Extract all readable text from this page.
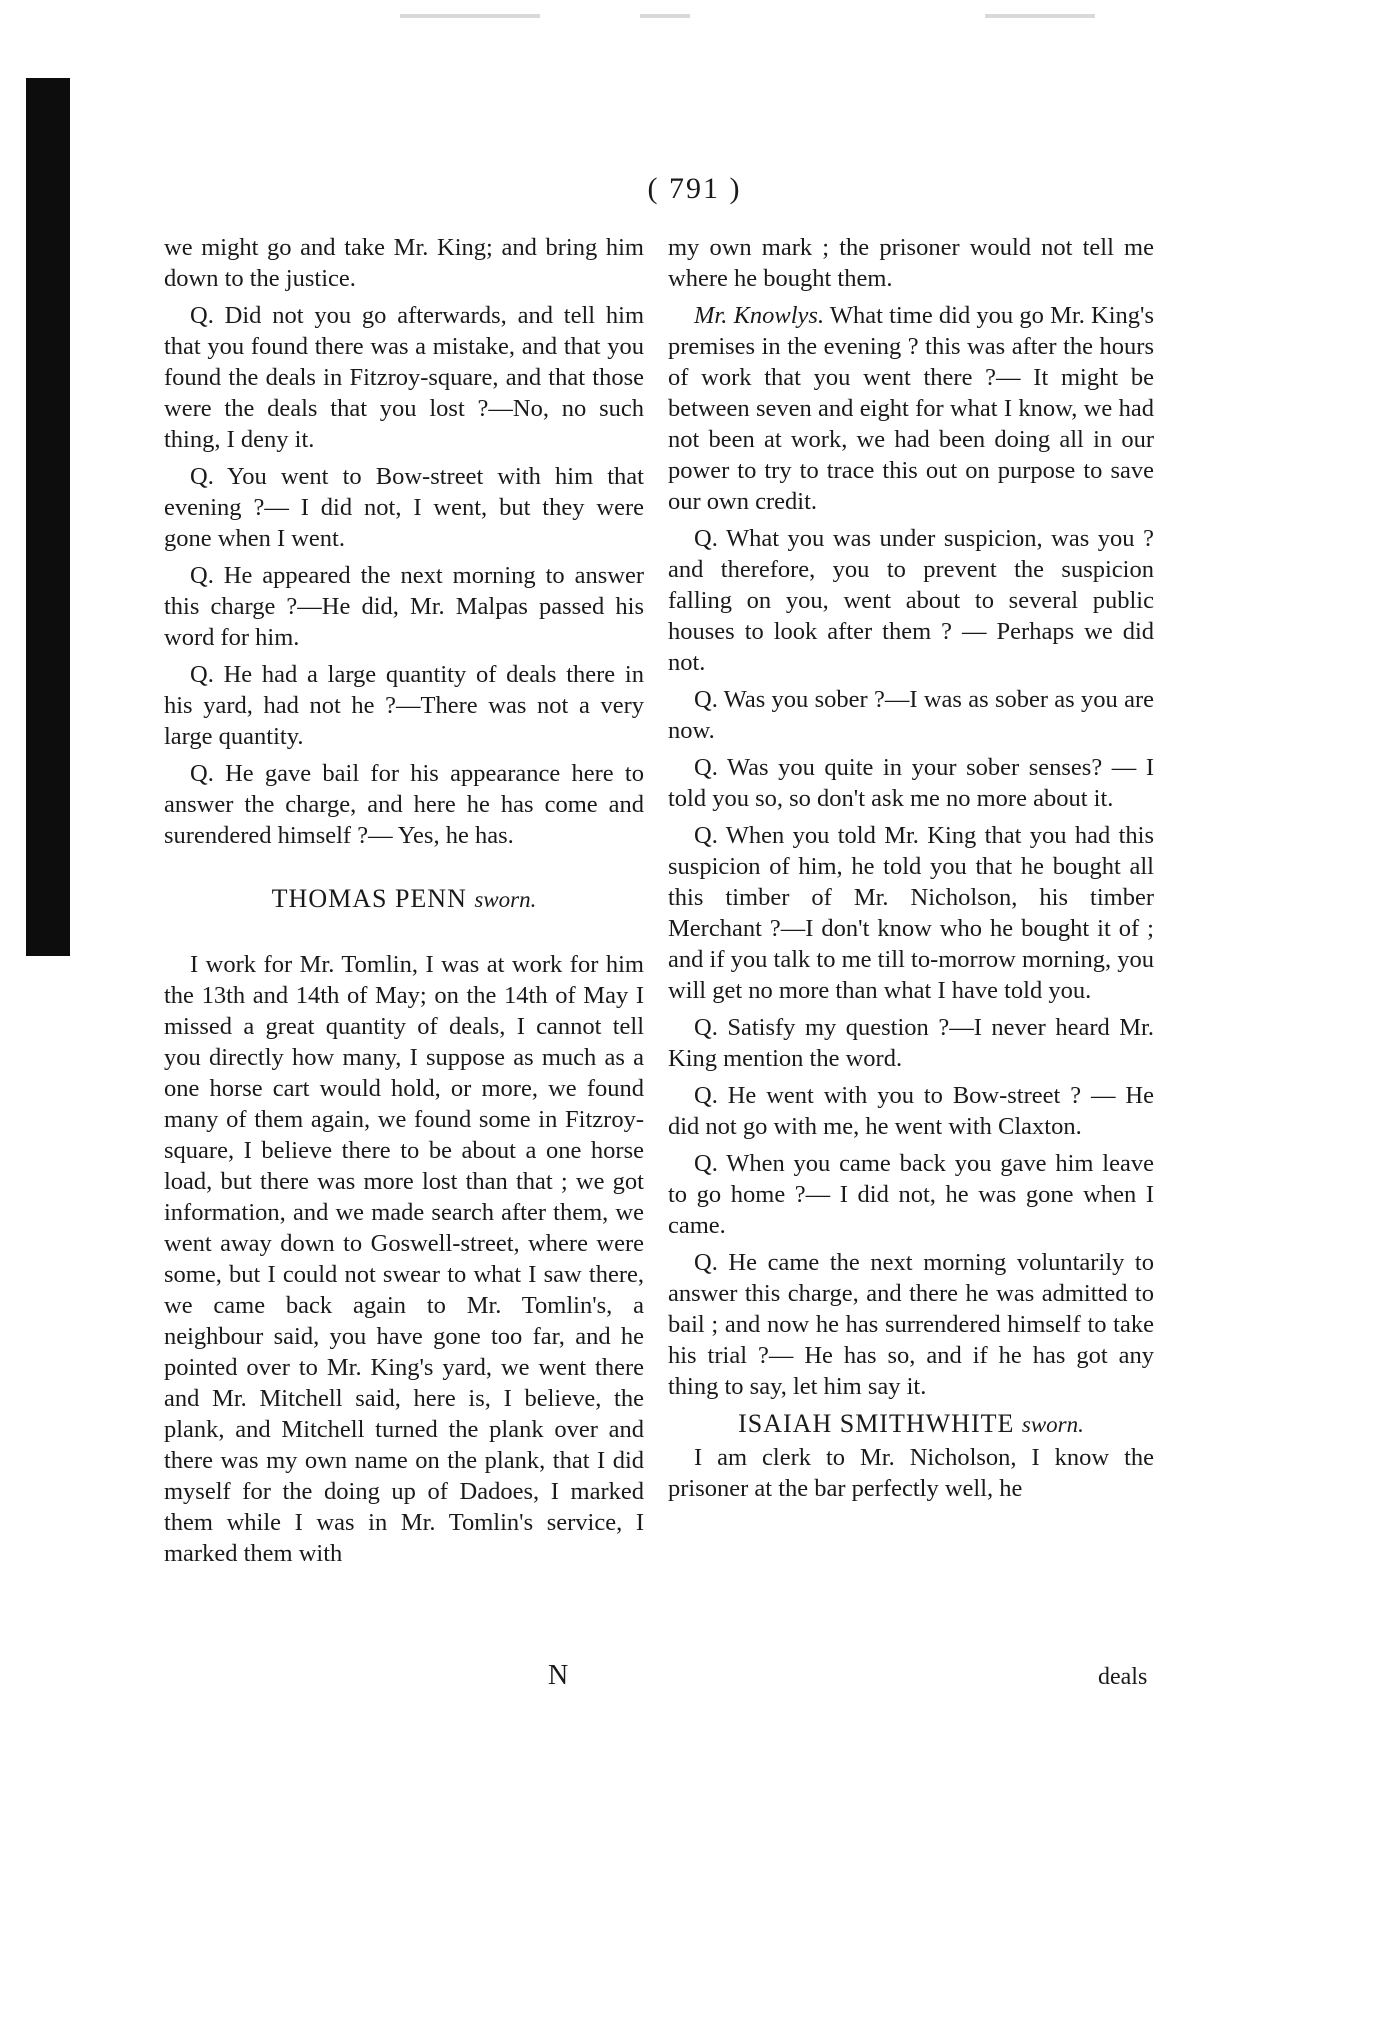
( 791 )

we might go and take Mr. King; and bring him down to the justice.

Q. Did not you go afterwards, and tell him that you found there was a mistake, and that you found the deals in Fitzroy-square, and that those were the deals that you lost ?—No, no such thing, I deny it.

Q. You went to Bow-street with him that evening ?— I did not, I went, but they were gone when I went.

Q. He appeared the next morning to answer this charge ?—He did, Mr. Malpas passed his word for him.

Q. He had a large quantity of deals there in his yard, had not he ?—There was not a very large quantity.

Q. He gave bail for his appearance here to answer the charge, and here he has come and surendered himself ?— Yes, he has.

THOMAS PENN sworn.

I work for Mr. Tomlin, I was at work for him the 13th and 14th of May; on the 14th of May I missed a great quantity of deals, I cannot tell you directly how many, I suppose as much as a one horse cart would hold, or more, we found many of them again, we found some in Fitzroy-square, I believe there to be about a one horse load, but there was more lost than that ; we got information, and we made search after them, we went away down to Goswell-street, where were some, but I could not swear to what I saw there, we came back again to Mr. Tomlin's, a neighbour said, you have gone too far, and he pointed over to Mr. King's yard, we went there and Mr. Mitchell said, here is, I believe, the plank, and Mitchell turned the plank over and there was my own name on the plank, that I did myself for the doing up of Dadoes, I marked them while I was in Mr. Tomlin's service, I marked them with

my own mark ; the prisoner would not tell me where he bought them.

Mr. Knowlys. What time did you go Mr. King's premises in the evening ? this was after the hours of work that you went there ?— It might be between seven and eight for what I know, we had not been at work, we had been doing all in our power to try to trace this out on purpose to save our own credit.

Q. What you was under suspicion, was you ? and therefore, you to prevent the suspicion falling on you, went about to several public houses to look after them ? — Perhaps we did not.

Q. Was you sober ?—I was as sober as you are now.

Q. Was you quite in your sober senses? — I told you so, so don't ask me no more about it.

Q. When you told Mr. King that you had this suspicion of him, he told you that he bought all this timber of Mr. Nicholson, his timber Merchant ?—I don't know who he bought it of ; and if you talk to me till to-morrow morning, you will get no more than what I have told you.

Q. Satisfy my question ?—I never heard Mr. King mention the word.

Q. He went with you to Bow-street ? — He did not go with me, he went with Claxton.

Q. When you came back you gave him leave to go home ?— I did not, he was gone when I came.

Q. He came the next morning voluntarily to answer this charge, and there he was admitted to bail ; and now he has surrendered himself to take his trial ?— He has so, and if he has got any thing to say, let him say it.

ISAIAH SMITHWHITE sworn.

I am clerk to Mr. Nicholson, I know the prisoner at the bar perfectly well, he

N	deals
